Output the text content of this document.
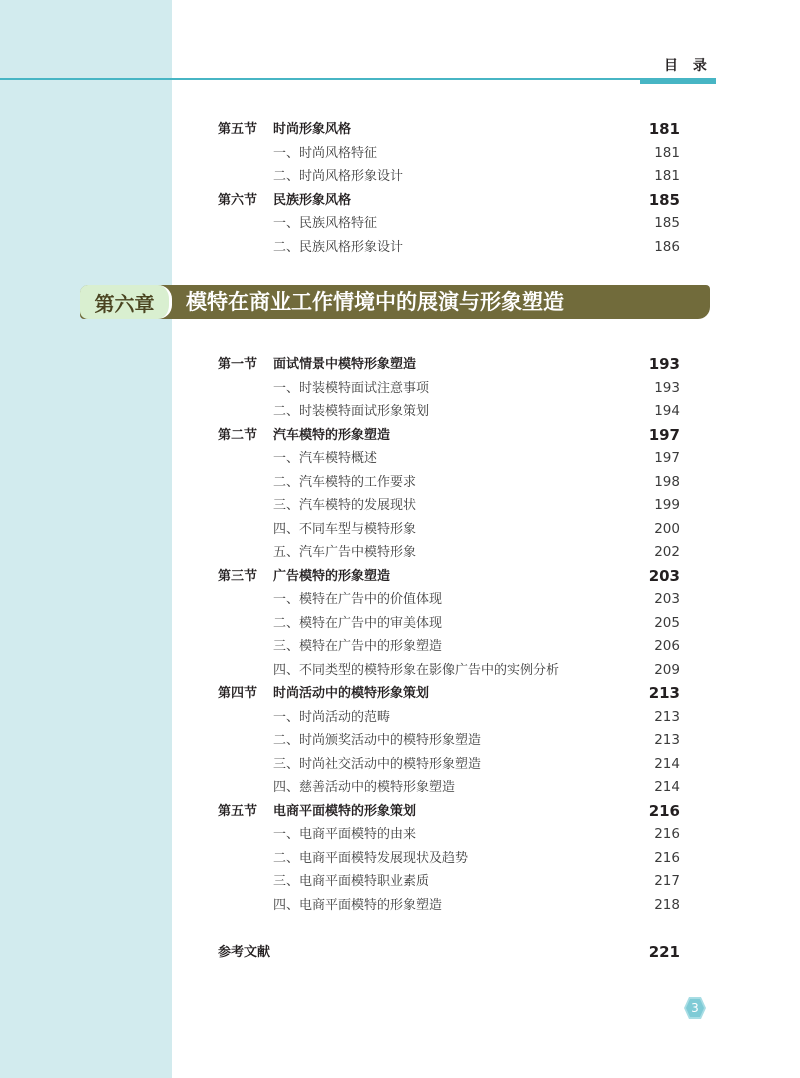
目 录
第五节 时尚形象风格	181
一、时尚风格特征	181
二、时尚风格形象设计	181
第六节 民族形象风格	185
一、民族风格特征	185
二、民族风格形象设计	186
第六章 模特在商业工作情境中的展演与形象塑造
第一节 面试情景中模特形象塑造	193
一、时装模特面试注意事项	193
二、时装模特面试形象策划	194
第二节 汽车模特的形象塑造	197
一、汽车模特概述	197
二、汽车模特的工作要求	198
三、汽车模特的发展现状	199
四、不同车型与模特形象	200
五、汽车广告中模特形象	202
第三节 广告模特的形象塑造	203
一、模特在广告中的价值体现	203
二、模特在广告中的审美体现	205
三、模特在广告中的形象塑造	206
四、不同类型的模特形象在影像广告中的实例分析	209
第四节 时尚活动中的模特形象策划	213
一、时尚活动的范畴	213
二、时尚颁奖活动中的模特形象塑造	213
三、时尚社交活动中的模特形象塑造	214
四、慈善活动中的模特形象塑造	214
第五节 电商平面模特的形象策划	216
一、电商平面模特的由来	216
二、电商平面模特发展现状及趋势	216
三、电商平面模特职业素质	217
四、电商平面模特的形象塑造	218
参考文献	221
3
